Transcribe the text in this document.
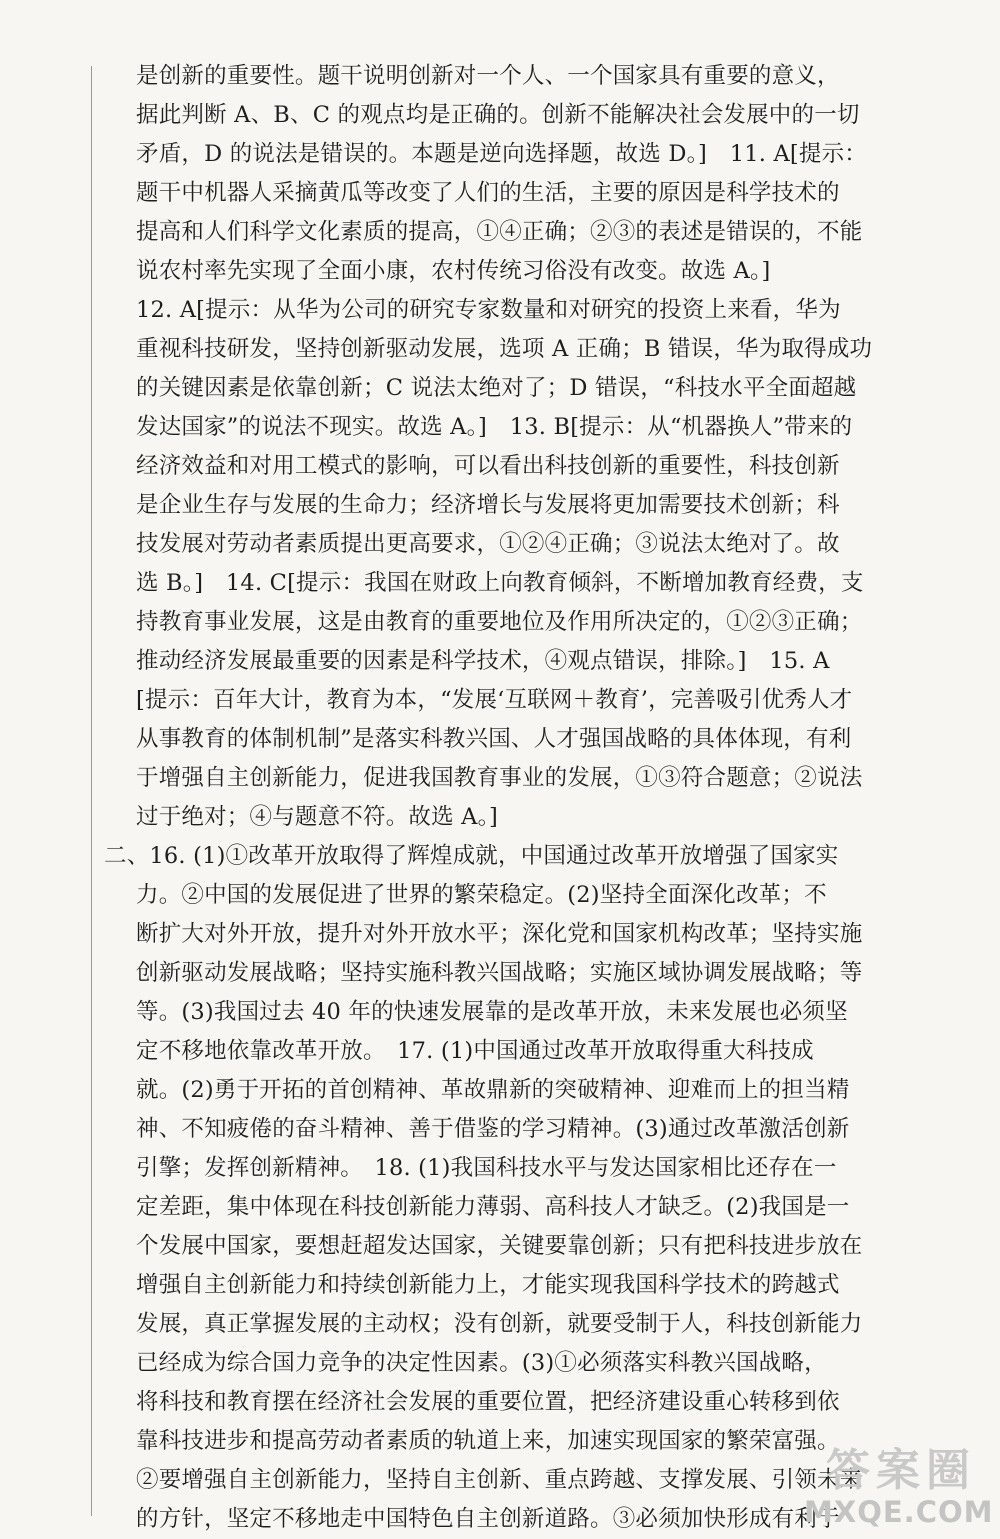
是创新的重要性。题干说明创新对一个人、一个国家具有重要的意义，
据此判断 A、B、C 的观点均是正确的。创新不能解决社会发展中的一切
矛盾，D 的说法是错误的。本题是逆向选择题，故选 D。]　11. A[提示：
题干中机器人采摘黄瓜等改变了人们的生活，主要的原因是科学技术的
提高和人们科学文化素质的提高，①④正确；②③的表述是错误的，不能
说农村率先实现了全面小康，农村传统习俗没有改变。故选 A。]
12. A[提示：从华为公司的研究专家数量和对研究的投资上来看，华为
重视科技研发，坚持创新驱动发展，选项 A 正确；B 错误，华为取得成功
的关键因素是依靠创新；C 说法太绝对了；D 错误，“科技水平全面超越
发达国家”的说法不现实。故选 A。]　13. B[提示：从“机器换人”带来的
经济效益和对用工模式的影响，可以看出科技创新的重要性，科技创新
是企业生存与发展的生命力；经济增长与发展将更加需要技术创新；科
技发展对劳动者素质提出更高要求，①②④正确；③说法太绝对了。故
选 B。]　14. C[提示：我国在财政上向教育倾斜，不断增加教育经费，支
持教育事业发展，这是由教育的重要地位及作用所决定的，①②③正确；
推动经济发展最重要的因素是科学技术，④观点错误，排除。]　15. A
[提示：百年大计，教育为本，“发展‘互联网＋教育’，完善吸引优秀人才
从事教育的体制机制”是落实科教兴国、人才强国战略的具体体现，有利
于增强自主创新能力，促进我国教育事业的发展，①③符合题意；②说法
过于绝对；④与题意不符。故选 A。]
二、16. (1)①改革开放取得了辉煌成就，中国通过改革开放增强了国家实
力。②中国的发展促进了世界的繁荣稳定。(2)坚持全面深化改革；不
断扩大对外开放，提升对外开放水平；深化党和国家机构改革；坚持实施
创新驱动发展战略；坚持实施科教兴国战略；实施区域协调发展战略；等
等。(3)我国过去 40 年的快速发展靠的是改革开放，未来发展也必须坚
定不移地依靠改革开放。　17. (1)中国通过改革开放取得重大科技成
就。(2)勇于开拓的首创精神、革故鼎新的突破精神、迎难而上的担当精
神、不知疲倦的奋斗精神、善于借鉴的学习精神。(3)通过改革激活创新
引擎；发挥创新精神。　18. (1)我国科技水平与发达国家相比还存在一
定差距，集中体现在科技创新能力薄弱、高科技人才缺乏。(2)我国是一
个发展中国家，要想赶超发达国家，关键要靠创新；只有把科技进步放在
增强自主创新能力和持续创新能力上，才能实现我国科学技术的跨越式
发展，真正掌握发展的主动权；没有创新，就要受制于人，科技创新能力
已经成为综合国力竞争的决定性因素。(3)①必须落实科教兴国战略，
将科技和教育摆在经济社会发展的重要位置，把经济建设重心转移到依
靠科技进步和提高劳动者素质的轨道上来，加速实现国家的繁荣富强。
②要增强自主创新能力，坚持自主创新、重点跨越、支撑发展、引领未来
的方针，坚定不移地走中国特色自主创新道路。③必须加快形成有利于
答案圈
MXQE.COM
